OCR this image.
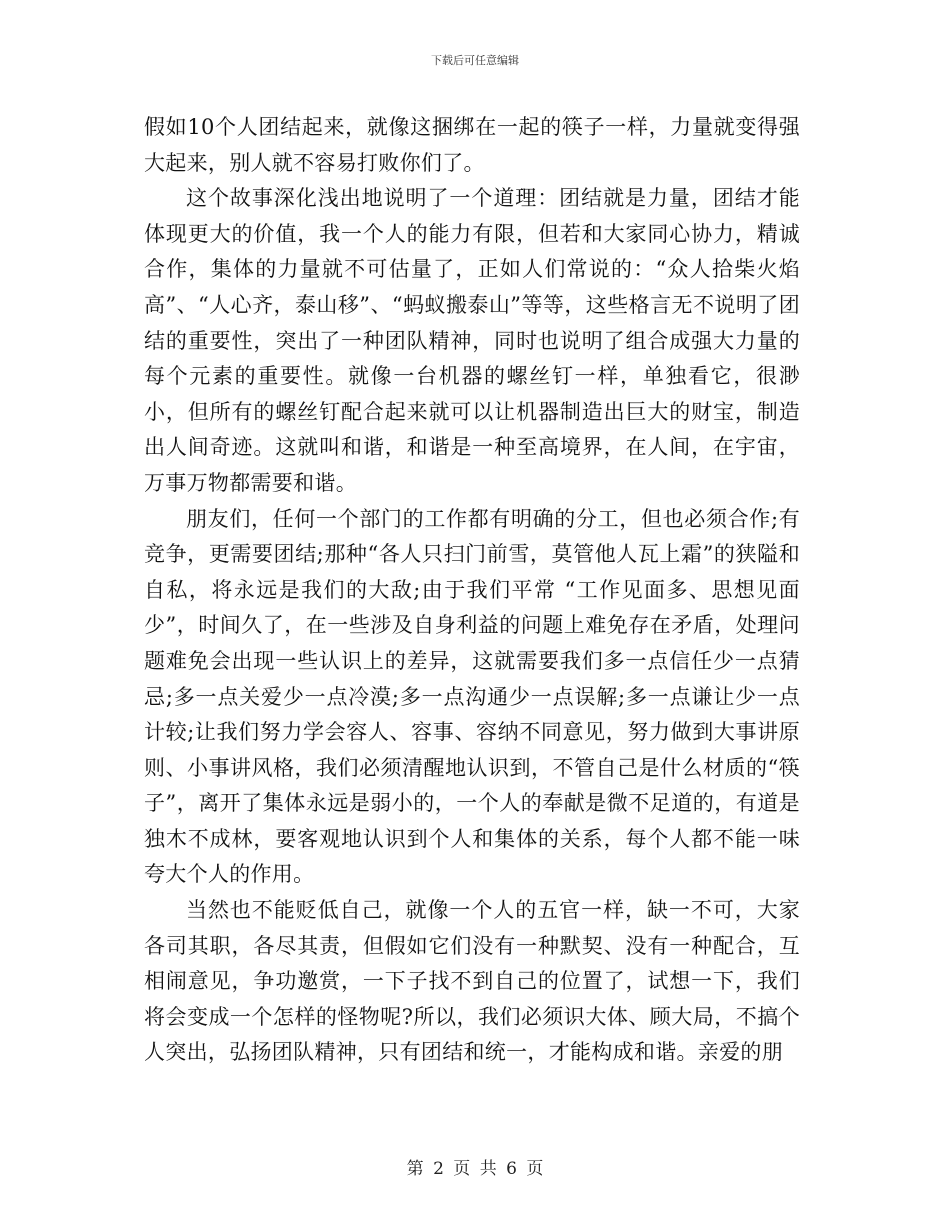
下载后可任意编辑

假如10个人团结起来，就像这捆绑在一起的筷子一样，力量就变得强大起来，别人就不容易打败你们了。

这个故事深化浅出地说明了一个道理：团结就是力量，团结才能体现更大的价值，我一个人的能力有限，但若和大家同心协力，精诚合作，集体的力量就不可估量了，正如人们常说的：“众人拾柴火焰高”、“人心齐，泰山移”、“蚂蚁搬泰山”等等，这些格言无不说明了团结的重要性，突出了一种团队精神，同时也说明了组合成强大力量的每个元素的重要性。就像一台机器的螺丝钉一样，单独看它，很渺小，但所有的螺丝钉配合起来就可以让机器制造出巨大的财宝，制造出人间奇迹。这就叫和谐，和谐是一种至高境界，在人间，在宇宙，万事万物都需要和谐。

朋友们，任何一个部门的工作都有明确的分工，但也必须合作;有竞争，更需要团结;那种“各人只扫门前雪，莫管他人瓦上霜”的狭隘和自私，将永远是我们的大敌;由于我们平常 “工作见面多、思想见面少”，时间久了，在一些涉及自身利益的问题上难免存在矛盾，处理问题难免会出现一些认识上的差异，这就需要我们多一点信任少一点猜忌;多一点关爱少一点冷漠;多一点沟通少一点误解;多一点谦让少一点计较;让我们努力学会容人、容事、容纳不同意见，努力做到大事讲原则、小事讲风格，我们必须清醒地认识到，不管自己是什么材质的“筷子”，离开了集体永远是弱小的，一个人的奉献是微不足道的，有道是独木不成林，要客观地认识到个人和集体的关系，每个人都不能一味夸大个人的作用。

当然也不能贬低自己，就像一个人的五官一样，缺一不可，大家各司其职，各尽其责，但假如它们没有一种默契、没有一种配合，互相闹意见，争功邀赏，一下子找不到自己的位置了，试想一下，我们将会变成一个怎样的怪物呢?所以，我们必须识大体、顾大局，不搞个人突出，弘扬团队精神，只有团结和统一，才能构成和谐。亲爱的朋

第 2 页 共 6 页
